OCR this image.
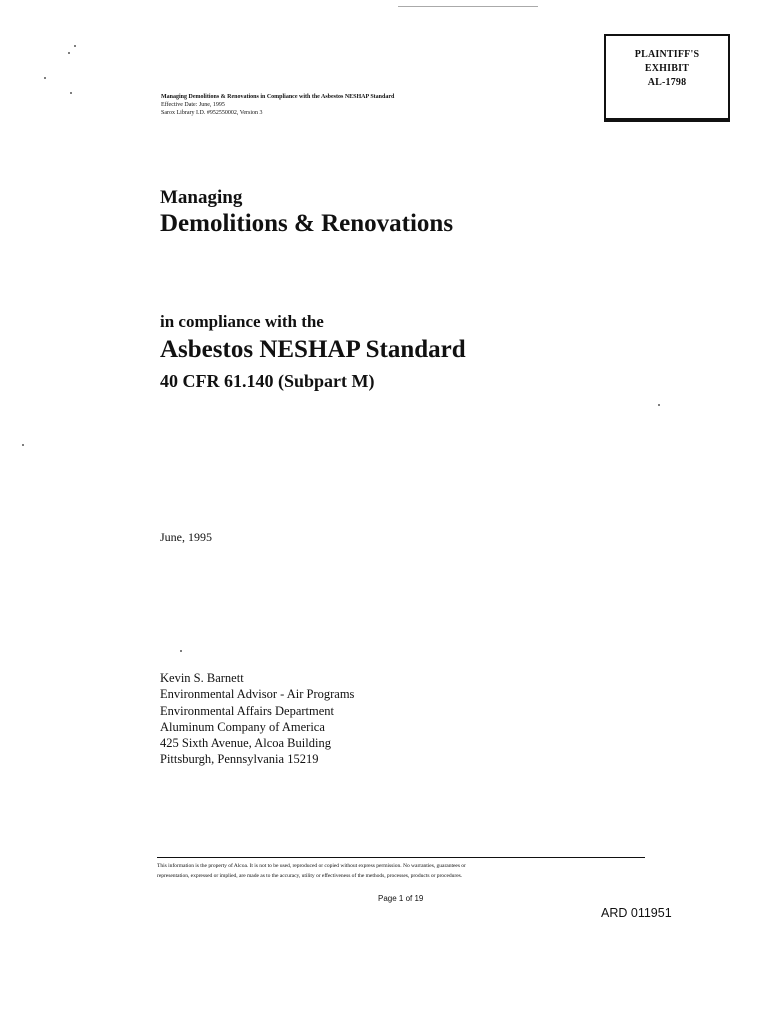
PLAINTIFF'S
EXHIBIT
AL-1798
Managing Demolitions & Renovations in Compliance with the Asbestos NESHAP Standard
Effective Date: June, 1995
Sarox Library I.D. #952550002, Version 3
Managing
Demolitions & Renovations
in compliance with the
Asbestos NESHAP Standard
40 CFR 61.140 (Subpart M)
June, 1995
Kevin S. Barnett
Environmental Advisor - Air Programs
Environmental Affairs Department
Aluminum Company of America
425 Sixth Avenue, Alcoa Building
Pittsburgh, Pennsylvania 15219
This information is the property of Alcoa. It is not to be used, reproduced or copied without express permission. No warranties, guarantees or
representation, expressed or implied, are made as to the accuracy, utility or effectiveness of the methods, processes, products or procedures.
Page 1 of 19
ARD 011951
